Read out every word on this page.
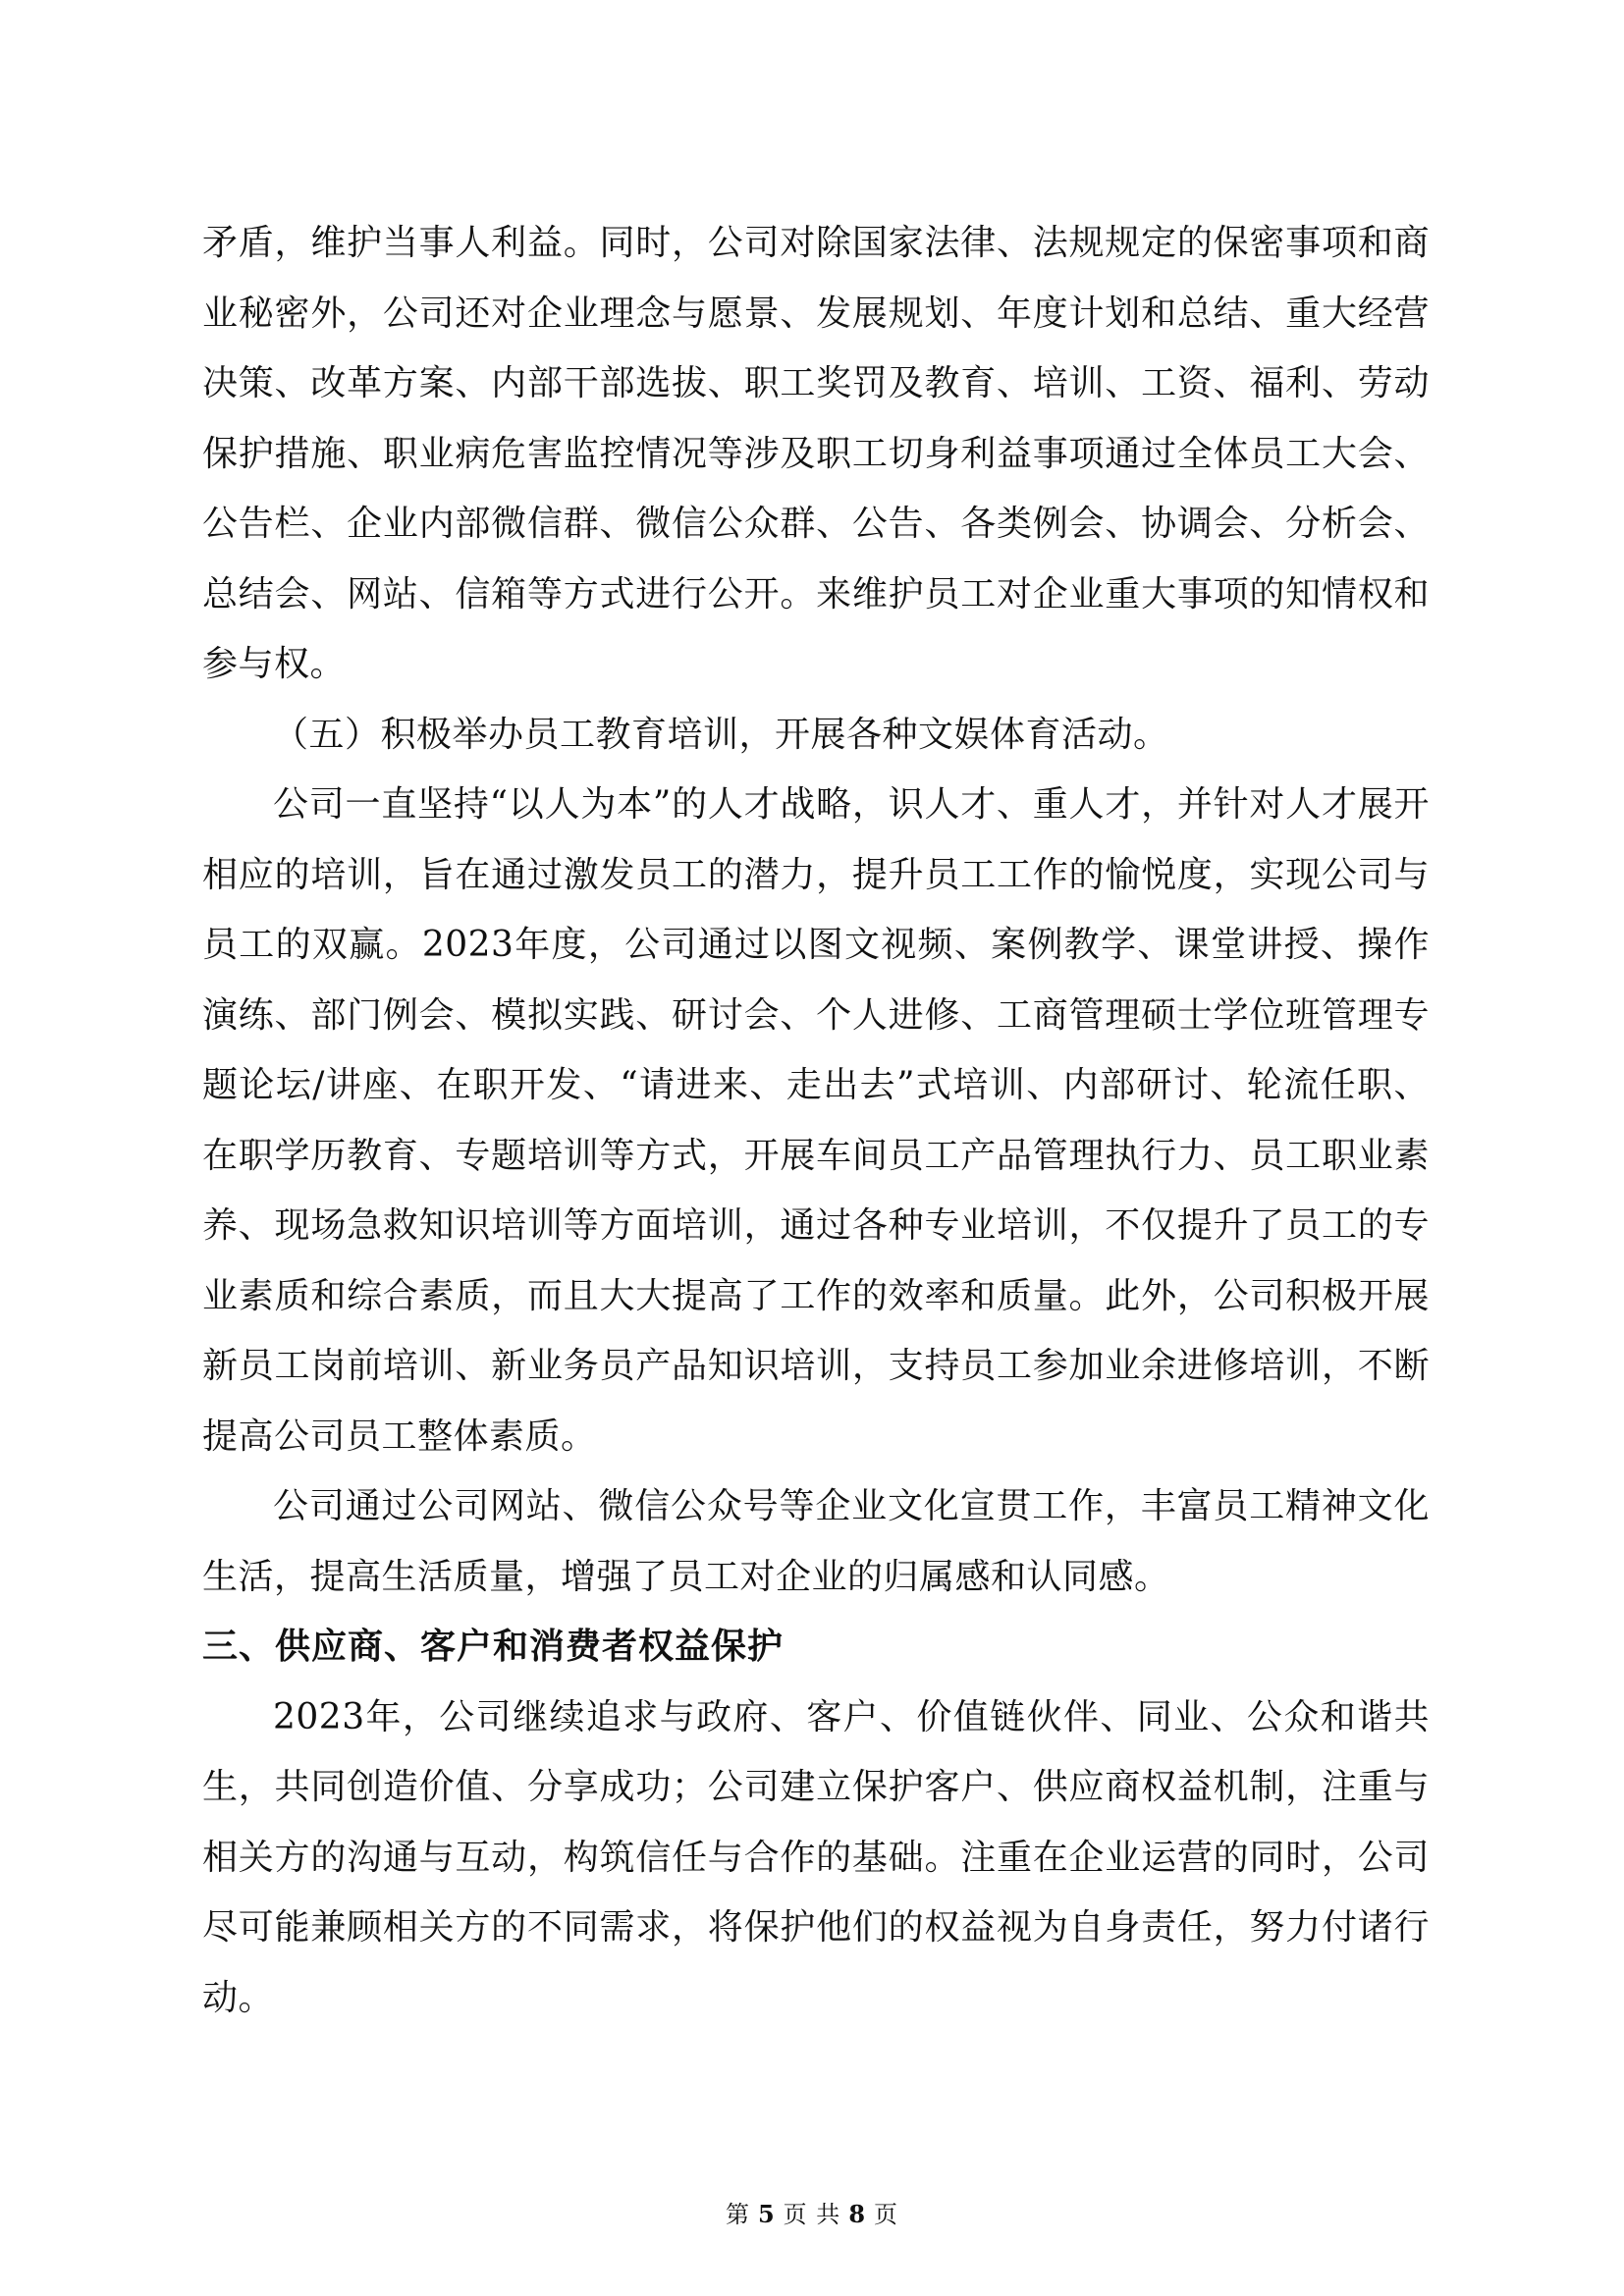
矛盾，维护当事人利益。同时，公司对除国家法律、法规规定的保密事项和商业秘密外，公司还对企业理念与愿景、发展规划、年度计划和总结、重大经营决策、改革方案、内部干部选拔、职工奖罚及教育、培训、工资、福利、劳动保护措施、职业病危害监控情况等涉及职工切身利益事项通过全体员工大会、公告栏、企业内部微信群、微信公众群、公告、各类例会、协调会、分析会、总结会、网站、信箱等方式进行公开。来维护员工对企业重大事项的知情权和参与权。

（五）积极举办员工教育培训，开展各种文娱体育活动。

公司一直坚持“以人为本”的人才战略，识人才、重人才，并针对人才展开相应的培训，旨在通过激发员工的潜力，提升员工工作的愉悦度，实现公司与员工的双赢。2023年度，公司通过以图文视频、案例教学、课堂讲授、操作演练、部门例会、模拟实践、研讨会、个人进修、工商管理硕士学位班管理专题论坛/讲座、在职开发、“请进来、走出去”式培训、内部研讨、轮流任职、在职学历教育、专题培训等方式，开展车间员工产品管理执行力、员工职业素养、现场急救知识培训等方面培训，通过各种专业培训，不仅提升了员工的专业素质和综合素质，而且大大提高了工作的效率和质量。此外，公司积极开展新员工岗前培训、新业务员产品知识培训，支持员工参加业余进修培训，不断提高公司员工整体素质。

公司通过公司网站、微信公众号等企业文化宣贯工作，丰富员工精神文化生活，提高生活质量，增强了员工对企业的归属感和认同感。

三、供应商、客户和消费者权益保护

2023年，公司继续追求与政府、客户、价值链伙伴、同业、公众和谐共生，共同创造价值、分享成功；公司建立保护客户、供应商权益机制，注重与相关方的沟通与互动，构筑信任与合作的基础。注重在企业运营的同时，公司尽可能兼顾相关方的不同需求，将保护他们的权益视为自身责任，努力付诸行动。

第 5 页 共 8 页
